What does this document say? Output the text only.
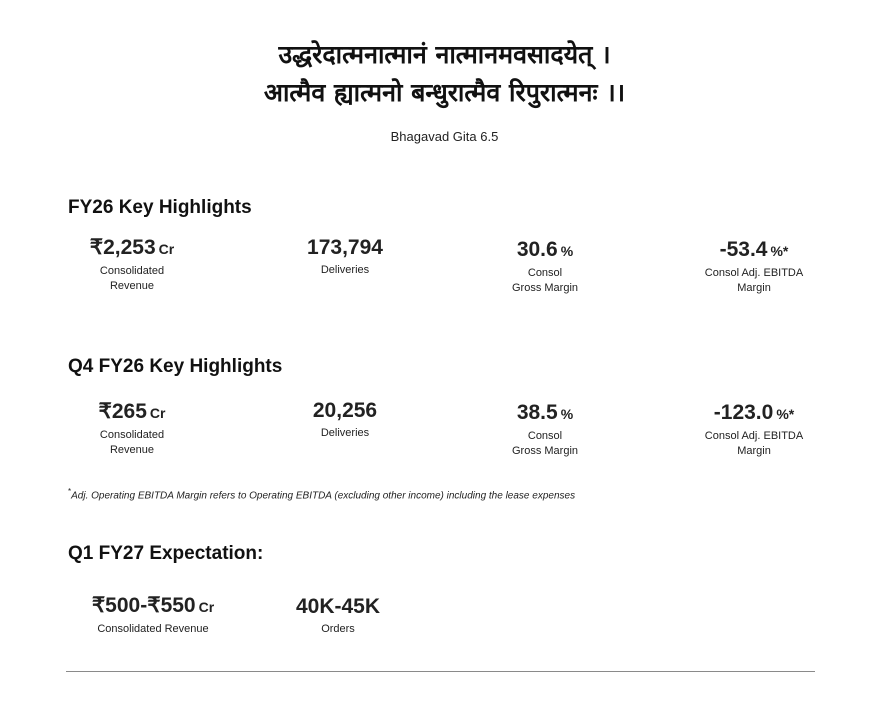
उद्धरेदात्मनात्मानं नात्मानमवसादयेत् ।
आत्मैव ह्यात्मनो बन्धुरात्मैव रिपुरात्मनः ।।
Bhagavad Gita 6.5
FY26 Key Highlights
₹2,253 Cr
Consolidated
Revenue
173,794
Deliveries
30.6 %
Consol
Gross Margin
-53.4 %*
Consol Adj. EBITDA
Margin
Q4 FY26 Key Highlights
₹265 Cr
Consolidated
Revenue
20,256
Deliveries
38.5 %
Consol
Gross Margin
-123.0 %*
Consol Adj. EBITDA
Margin
*Adj. Operating EBITDA Margin refers to Operating EBITDA (excluding other income) including the lease expenses
Q1 FY27 Expectation:
₹500-₹550 Cr
Consolidated Revenue
40K-45K
Orders
